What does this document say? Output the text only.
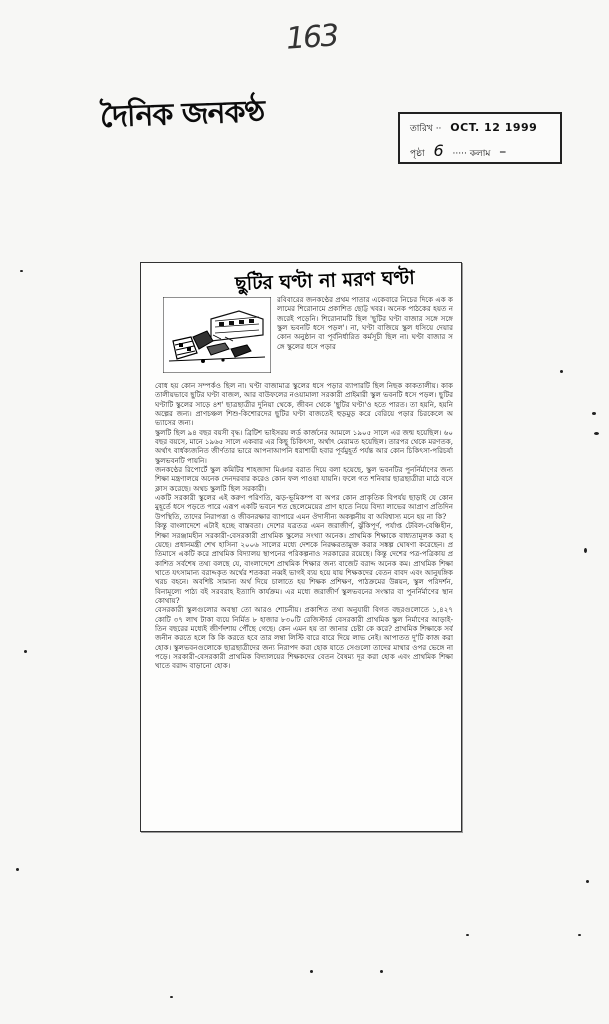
163
দৈনিক জনকণ্ঠ	তারিখ ·· OCT. 12 1999
পৃষ্ঠা 6 ····· কলাম –
ছুটির ঘণ্টা না মরণ ঘণ্টা
রবিবারের জনকণ্ঠের প্রথম পাতার একেবারে নিচের দিকে এক কলামের শিরোনামে প্রকাশিত ছোট্ট খবর। অনেক পাঠকের হয়ত নজরেই পড়েনি। শিরোনামটি ছিল 'ছুটির ঘণ্টা বাজার সঙ্গে সঙ্গে স্কুল ভবনটি ধসে পড়ল'। না, ঘণ্টা বাজিয়ে স্কুল ধসিয়ে দেয়ার কোন অনুষ্ঠান বা পূর্বনির্ধারিত কর্মসূচী ছিল না। ঘণ্টা বাজার সঙ্গে স্কুলের ধসে পড়ার

বোধ হয় কোন সম্পর্কও ছিল না। ঘণ্টা বাজামাত্র স্কুলের ধসে পড়ার ব্যাপারটি ছিল নিছক কাকতালীয়। কাকতালীয়ভাবে ছুটির ঘণ্টা বাজল, আর বাউফলের নওয়ামালা সরকারী প্রাইমারী স্কুল ভবনটি ধসে পড়ল। ছুটির ঘণ্টাটি স্কুলের সাড়ে ৪শ' ছাত্রছাত্রীর দুনিয়া থেকে, জীবন থেকে 'ছুটির ঘণ্টা'ও হতে পারত। তা হয়নি, হয়নি অল্পের জন্য। প্রাণচঞ্চল শিশু-কিশোরদের ছুটির ঘণ্টা বাজতেই হুড়মুড় করে বেরিয়ে পড়ার চিরকেলে অভ্যাসের জন্য।

স্কুলটি ছিল ৯৪ বছর বয়সী বৃদ্ধ। ব্রিটিশ ভাইসরয় লর্ড কার্জনের আমলে ১৯০৫ সালে এর জন্ম হয়েছিল। ৬০ বছর বয়সে, মানে ১৯৬৫ সালে একবার এর কিছু চিকিৎসা, অর্থাৎ মেরামত হয়েছিল। তারপর থেকে মরণতক, অর্থাৎ বার্ধক্যজনিত জীর্ণতার ভারে আপনাআপনি ধরাশায়ী হবার পূর্বমুহূর্ত পর্যন্ত আর কোন চিকিৎসা-পরিচর্যা স্কুলভবনটি পায়নি।

জনকণ্ঠের রিপোর্টে স্কুল কমিটির শাহজাদা মিঞার বরাত দিয়ে বলা হয়েছে, স্কুল ভবনটির পুনর্নির্মাণের জন্য শিক্ষা মন্ত্রণালয়ে অনেক দেনদরবার করেও কোন ফল পাওয়া যায়নি। ফলে গত শনিবার ছাত্রছাত্রীরা মাঠে বসে ক্লাস করেছে। অথচ স্কুলটি ছিল সরকারী।

একটি সরকারী স্কুলের এই করুণ পরিণতি, ঝড়-ভূমিকম্প বা অপর কোন প্রাকৃতিক বিপর্যয় ছাড়াই যে কোন মুহূর্তে ধসে পড়তে পারে এরূপ একটি ভবনে শত ছেলেমেয়ের প্রাণ হাতে নিয়ে বিদ্যা লাভের আপ্রাণ প্রতিদিন উপস্থিতি, তাদের নিরাপত্তা ও জীবনরক্ষার ব্যাপারে এমন ঔদাসীন্য অকল্পনীয় বা অবিশ্বাস্য মনে হয় না কি?

কিন্তু বাংলাদেশে এটাই হচ্ছে বাস্তবতা। দেশের যত্রতত্র এমন জরাজীর্ণ, ঝুঁকিপূর্ণ, পর্যাপ্ত টেবিল-বেঞ্চিহীন, শিক্ষা সরঞ্জামহীন সরকারী-বেসরকারী প্রাথমিক স্কুলের সংখ্যা অনেক। প্রাথমিক শিক্ষাকে বাধ্যতামূলক করা হয়েছে। প্রধানমন্ত্রী শেখ হাসিনা ২০০৬ সালের মধ্যে দেশকে নিরক্ষরতামুক্ত করার সঙ্কল্প ঘোষণা করেছেন। প্রতিমাসে একটি করে প্রাথমিক বিদ্যালয় স্থাপনের পরিকল্পনাও সরকারের রয়েছে। কিন্তু দেশের পত্র-পত্রিকায় প্রকাশিত সর্বশেষ তথ্য বলছে যে, বাংলাদেশে প্রাথমিক শিক্ষার জন্য বাজেট বরাদ্দ অনেক কম। প্রাথমিক শিক্ষা খাতে যৎসামান্য বরাদ্দকৃত অর্থের শতকরা নব্বই ভাগই ব্যয় হয়ে যায় শিক্ষকদের বেতন বাবদ এবং আনুষঙ্গিক খরচ বহনে। অবশিষ্ট সামান্য অর্থ দিয়ে চালাতে হয় শিক্ষক প্রশিক্ষণ, পাঠক্রমের উন্নয়ন, স্কুল পরিদর্শন, বিনামূল্যে পাঠ্য বই সরবরাহ ইত্যাদি কার্যক্রম। এর মধ্যে জরাজীর্ণ স্কুলভবনের সংস্কার বা পুনর্নির্মাণের স্থান কোথায়?

বেসরকারী স্কুলগুলোর অবস্থা তো আরও শোচনীয়। প্রকাশিত তথ্য অনুযায়ী বিগত বছরগুলোতে ১,৪২৭ কোটি ৩৭ লাখ টাকা ব্যয়ে নির্মিত ৮ হাজার ৮৩০টি রেজিস্টার্ড বেসরকারী প্রাথমিক স্কুল নির্মাণের আড়াই-তিন বছরের মধ্যেই জীর্ণদশায় পৌঁছে গেছে। কেন এমন হয় তা জানার চেষ্টা কে করে? প্রাথমিক শিক্ষাকে সর্বজনীন করতে হলে কি কি করতে হবে তার লম্বা লিস্টি বারে বারে দিয়ে লাভ নেই। আপাতত দু'টি কাজ করা হোক। স্কুলভবনগুলোকে ছাত্রছাত্রীদের জন্য নিরাপদ করা হোক যাতে সেগুলো তাদের মাথার ওপর ভেঙ্গে না পড়ে। সরকারী-বেসরকারী প্রাথমিক বিদ্যালয়ের শিক্ষকদের বেতন বৈষম্য দূর করা হোক এবং প্রাথমিক শিক্ষা খাতে বরাদ্দ বাড়ানো হোক।
